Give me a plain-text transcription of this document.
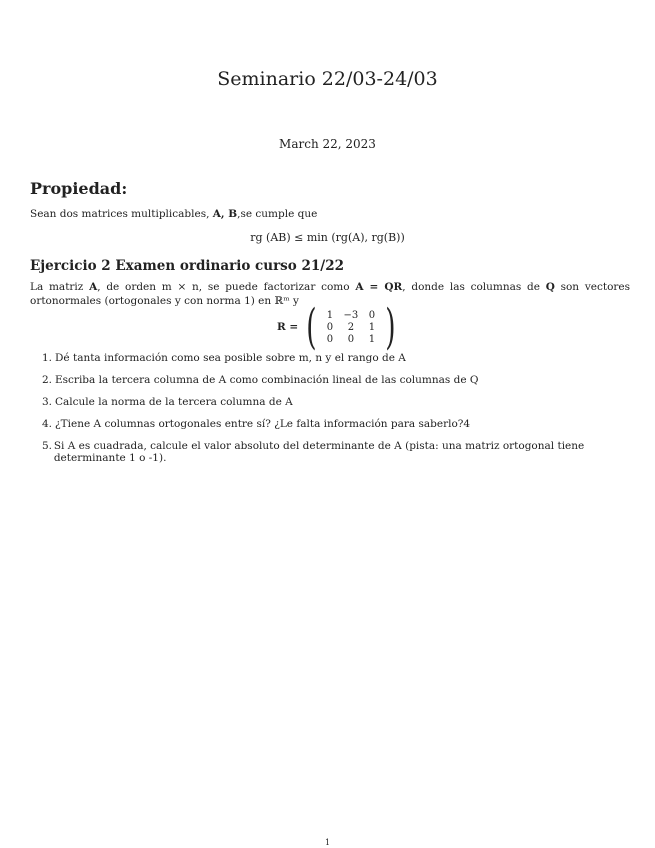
Seminario 22/03-24/03
March 22, 2023
Propiedad:
Sean dos matrices multiplicables, A, B,se cumple que
rg (AB) ≤ min (rg(A), rg(B))
Ejercicio 2 Examen ordinario curso 21/22
La matriz A, de orden m × n, se puede factorizar como A = QR, donde las columnas de Q son vectores ortonormales (ortogonales y con norma 1) en ℝᵐ y
R = (	1	−3	0
0	2	1
0	0	1 )
1. Dé tanta información como sea posible sobre m, n y el rango de A
2. Escriba la tercera columna de A como combinación lineal de las columnas de Q
3. Calcule la norma de la tercera columna de A
4. ¿Tiene A columnas ortogonales entre sí? ¿Le falta información para saberlo?4
5. Si A es cuadrada, calcule el valor absoluto del determinante de A (pista: una matriz ortogonal tiene determinante 1 o -1).
1
